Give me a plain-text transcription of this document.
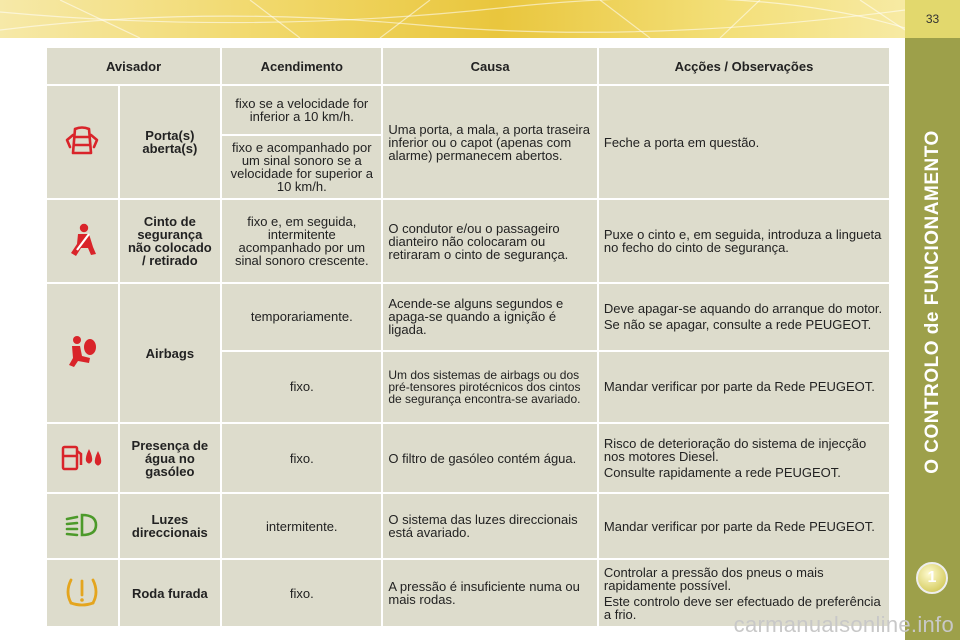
33
O CONTROLO de FUNCIONAMENTO
1
Avisador		Acendimento	Causa	Acções / Observações
	Porta(s) aberta(s)	fixo se a velocidade for inferior a 10 km/h.	Uma porta, a mala, a porta traseira inferior ou o capot (apenas com alarme) permanecem abertos.	Feche a porta em questão.
		fixo e acompanhado por um sinal sonoro se a velocidade for superior a 10 km/h.		
	Cinto de segurança não colocado / retirado	fixo e, em seguida, intermitente acompanhado por um sinal sonoro crescente.	O condutor e/ou o passageiro dianteiro não colocaram ou retiraram o cinto de segurança.	Puxe o cinto e, em seguida, introduza a lingueta no fecho do cinto de segurança.
	Airbags	temporariamente.	Acende-se alguns segundos e apaga-se quando a ignição é ligada.	Deve apagar-se aquando do arranque do motor.

Se não se apagar, consulte a rede PEUGEOT.

		fixo.	Um dos sistemas de airbags ou dos pré-tensores pirotécnicos dos cintos de segurança encontra-se avariado.	Mandar verificar por parte da Rede PEUGEOT.
	Presença de água no gasóleo	fixo.	O filtro de gasóleo contém água.	Risco de deterioração do sistema de injecção nos motores Diesel.

Consulte rapidamente a rede PEUGEOT.

	Luzes direccionais	intermitente.	O sistema das luzes direccionais está avariado.	Mandar verificar por parte da Rede PEUGEOT.
	Roda furada	fixo.	A pressão é insuficiente numa ou mais rodas.	Controlar a pressão dos pneus o mais rapidamente possível.

Este controlo deve ser efectuado de preferência a frio.	carmanualsonline.info
